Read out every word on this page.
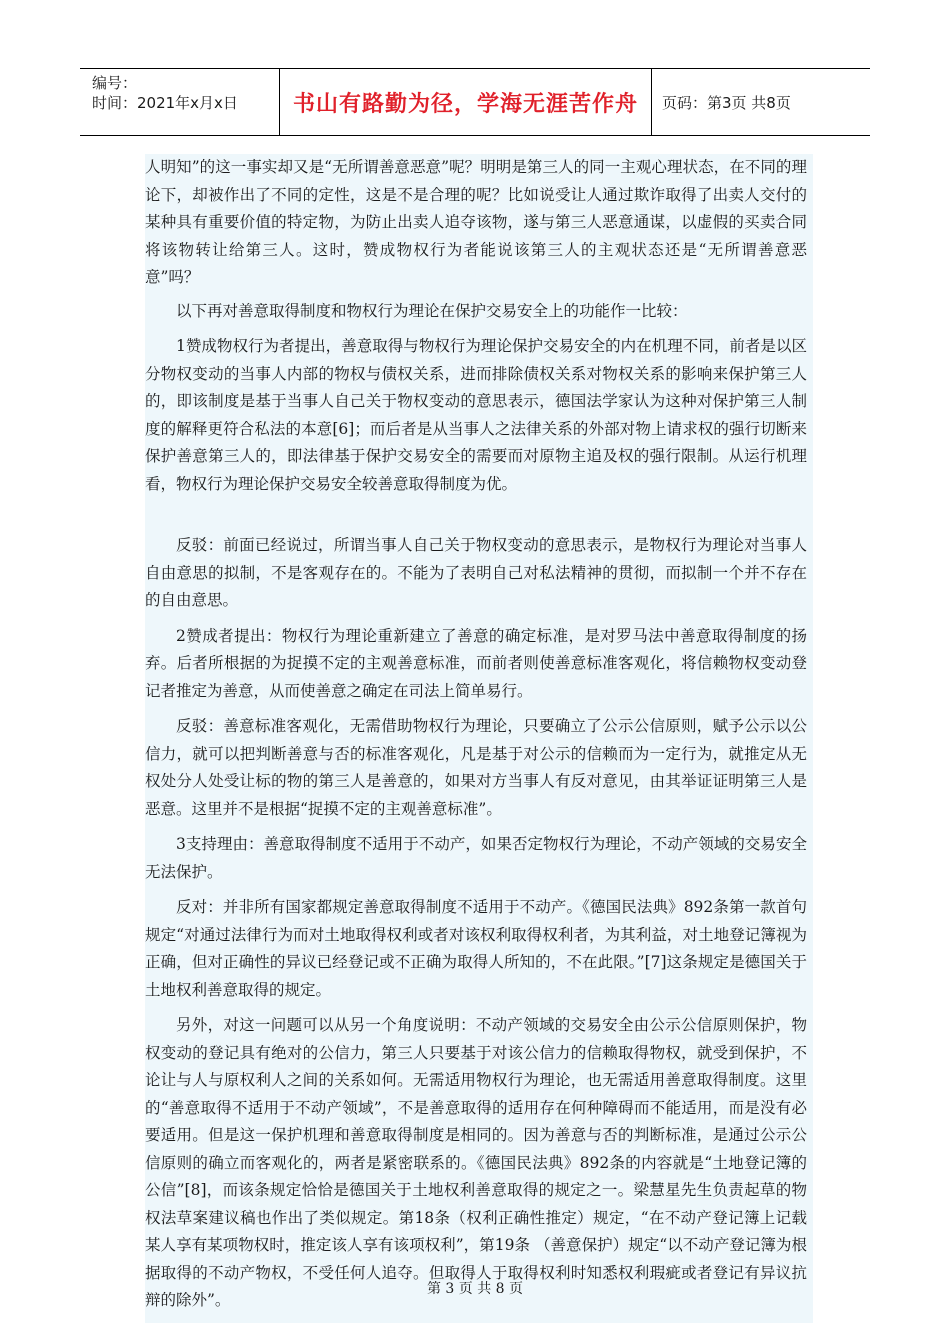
编号：
时间：2021年x月x日	书山有路勤为径，学海无涯苦作舟	页码：第3页 共8页

人明知”的这一事实却又是“无所谓善意恶意”呢？明明是第三人的同一主观心理状态，在不同的理论下，却被作出了不同的定性，这是不是合理的呢？比如说受让人通过欺诈取得了出卖人交付的某种具有重要价值的特定物，为防止出卖人追夺该物，遂与第三人恶意通谋，以虚假的买卖合同将该物转让给第三人。这时，赞成物权行为者能说该第三人的主观状态还是“无所谓善意恶意”吗？

以下再对善意取得制度和物权行为理论在保护交易安全上的功能作一比较：

1赞成物权行为者提出，善意取得与物权行为理论保护交易安全的内在机理不同，前者是以区分物权变动的当事人内部的物权与债权关系，进而排除债权关系对物权关系的影响来保护第三人的，即该制度是基于当事人自己关于物权变动的意思表示，德国法学家认为这种对保护第三人制度的解释更符合私法的本意[6]；而后者是从当事人之法律关系的外部对物上请求权的强行切断来保护善意第三人的，即法律基于保护交易安全的需要而对原物主追及权的强行限制。从运行机理看，物权行为理论保护交易安全较善意取得制度为优。

反驳：前面已经说过，所谓当事人自己关于物权变动的意思表示，是物权行为理论对当事人自由意思的拟制，不是客观存在的。不能为了表明自己对私法精神的贯彻，而拟制一个并不存在的自由意思。

2赞成者提出：物权行为理论重新建立了善意的确定标准，是对罗马法中善意取得制度的扬弃。后者所根据的为捉摸不定的主观善意标准，而前者则使善意标准客观化，将信赖物权变动登记者推定为善意，从而使善意之确定在司法上简单易行。

反驳：善意标准客观化，无需借助物权行为理论，只要确立了公示公信原则，赋予公示以公信力，就可以把判断善意与否的标准客观化，凡是基于对公示的信赖而为一定行为，就推定从无权处分人处受让标的物的第三人是善意的，如果对方当事人有反对意见，由其举证证明第三人是恶意。这里并不是根据“捉摸不定的主观善意标准”。

3支持理由：善意取得制度不适用于不动产，如果否定物权行为理论，不动产领域的交易安全无法保护。

反对：并非所有国家都规定善意取得制度不适用于不动产。《德国民法典》892条第一款首句规定“对通过法律行为而对土地取得权利或者对该权利取得权利者，为其利益，对土地登记簿视为正确，但对正确性的异议已经登记或不正确为取得人所知的，不在此限。”[7]这条规定是德国关于土地权利善意取得的规定。

另外，对这一问题可以从另一个角度说明：不动产领域的交易安全由公示公信原则保护，物权变动的登记具有绝对的公信力，第三人只要基于对该公信力的信赖取得物权，就受到保护，不论让与人与原权利人之间的关系如何。无需适用物权行为理论，也无需适用善意取得制度。这里的“善意取得不适用于不动产领域”，不是善意取得的适用存在何种障碍而不能适用，而是没有必要适用。但是这一保护机理和善意取得制度是相同的。因为善意与否的判断标准，是通过公示公信原则的确立而客观化的，两者是紧密联系的。《德国民法典》892条的内容就是“土地登记簿的公信”[8]，而该条规定恰恰是德国关于土地权利善意取得的规定之一。梁慧星先生负责起草的物权法草案建议稿也作出了类似规定。第18条（权利正确性推定）规定，“在不动产登记簿上记载某人享有某项物权时，推定该人享有该项权利”，第19条 （善意保护）规定“以不动产登记簿为根据取得的不动产物权，不受任何人追夺。但取得人于取得权利时知悉权利瑕疵或者登记有异议抗辩的除外”。

第 3 页 共 8 页
